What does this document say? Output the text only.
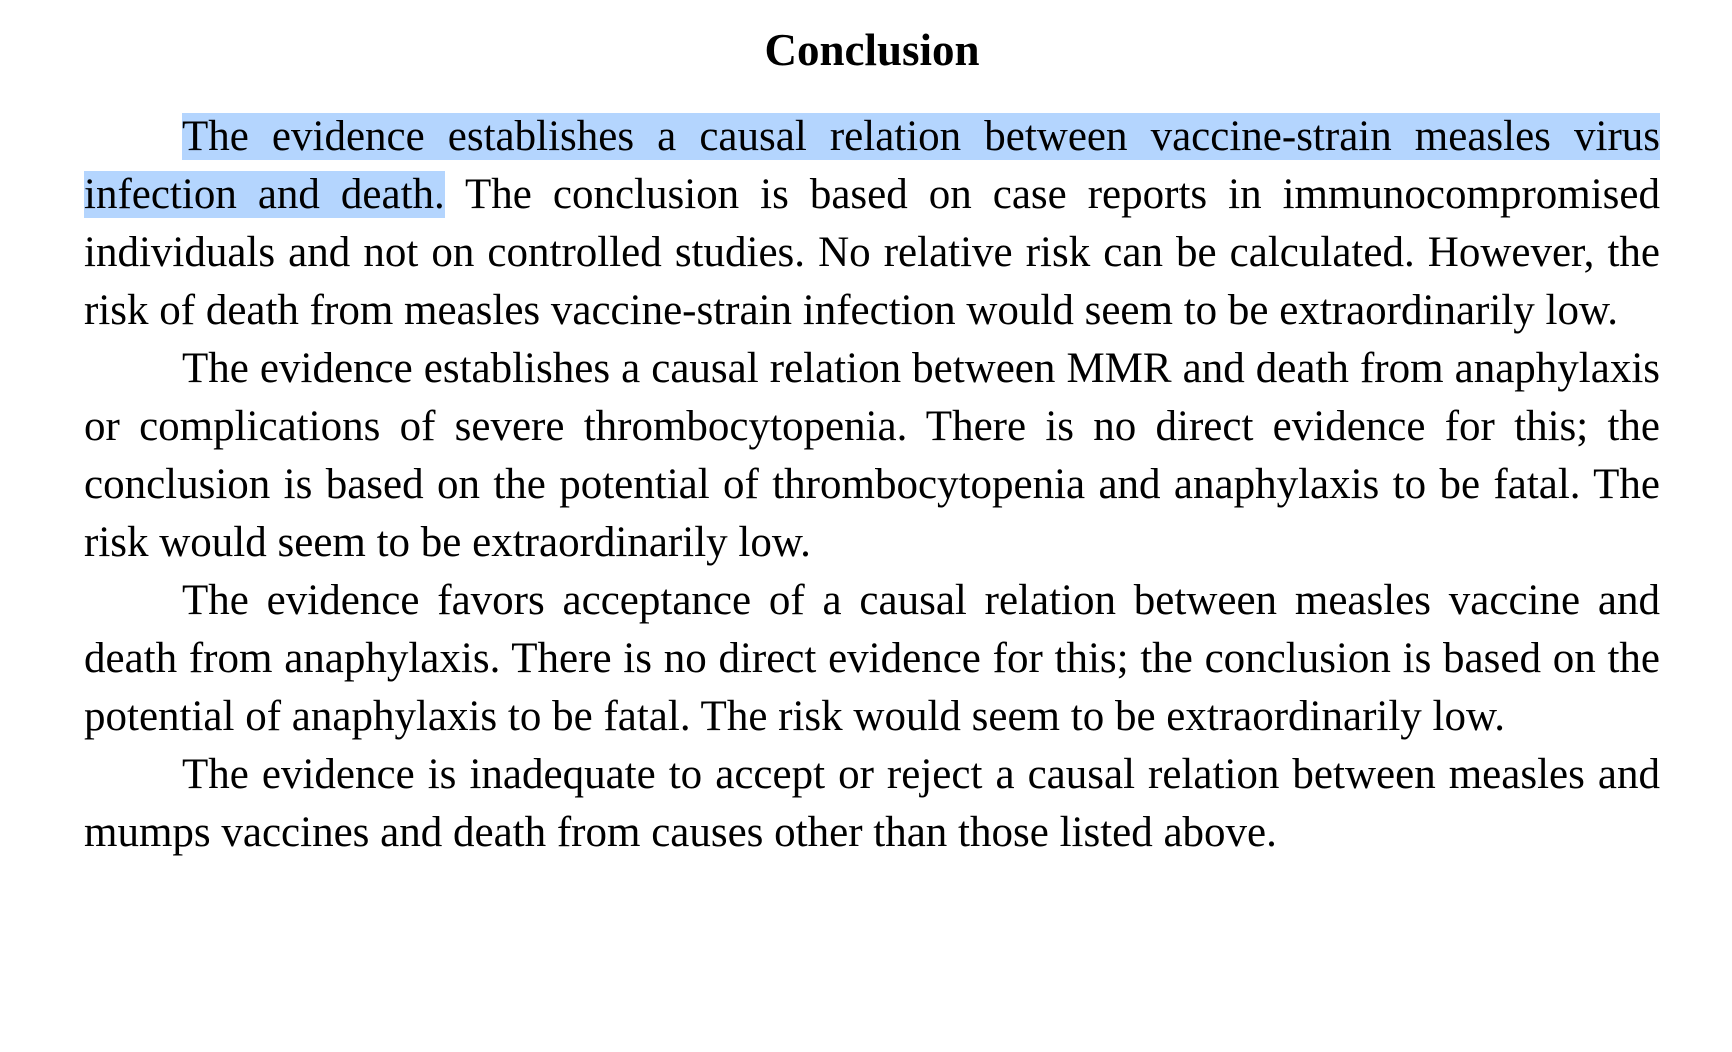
Conclusion

The evidence establishes a causal relation between vaccine-strain measles virus infection and death. The conclusion is based on case reports in immunocompromised individuals and not on controlled studies. No relative risk can be calculated. However, the risk of death from measles vaccine-strain infection would seem to be extraordinarily low.

The evidence establishes a causal relation between MMR and death from anaphylaxis or complications of severe thrombocytopenia. There is no direct evidence for this; the conclusion is based on the potential of thrombocytopenia and anaphylaxis to be fatal. The risk would seem to be extraordinarily low.

The evidence favors acceptance of a causal relation between measles vaccine and death from anaphylaxis. There is no direct evidence for this; the conclusion is based on the potential of anaphylaxis to be fatal. The risk would seem to be extraordinarily low.

The evidence is inadequate to accept or reject a causal relation between measles and mumps vaccines and death from causes other than those listed above.
